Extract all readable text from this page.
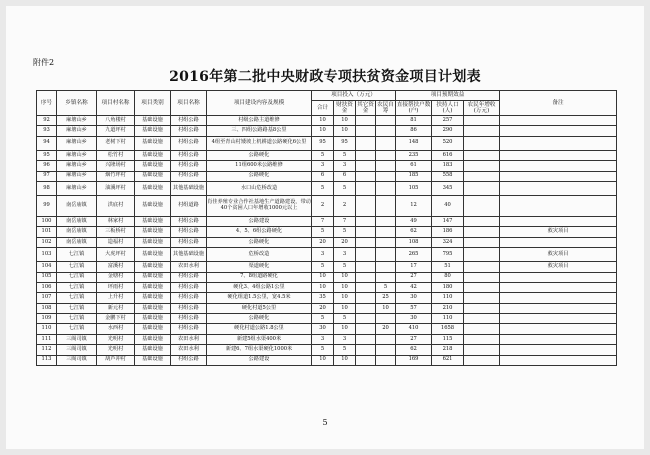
附件2
2016年第二批中央财政专项扶贫资金项目计划表
序号	乡镇名称	项目村名称	项目类别	项目名称	项目建设内容及规模	项目投入（万元）				项目预期效益			备注
						合计	财扶资金	其它资金	农民自筹	直接帮扶户数(户)	扶持人口(人)	农民年增收(万元)	
92	麻塘山乡	八角楼村	基础设施	村组公路	村级公路主道维修	10	10			81	257		
93	麻塘山乡	九道坪村	基础设施	村组公路	三、四组公路路基8公里	10	10			86	290		
94	麻塘山乡	老树下村	基础设施	村组公路	4组至青山村矮坡上机耕道公路硬化6公里	95	95			148	520		
95	麻塘山乡	松竹村	基础设施	村组公路	公路硬化	5	5			235	616		
96	麻塘山乡	兴隆场村	基础设施	村组公路	11组600米公路维修	3	3			61	183		
97	麻塘山乡	烟竹坪村	基础设施	村组公路	公路硬化	6	6			185	558		
98	麻塘山乡	油溪坪村	基础设施	其他基础设施	水口山危桥改造	5	5			105	345		
99	南岳庙镇	洪底村	基础设施	村组道路	肖佳养殖专业合作社基地生产道路建设，带动40个贫困人口年增收1000元以上	2	2			12	40		
100	南岳庙镇	林家村	基础设施	村组公路	公路建设	7	7			49	147		
101	南岳庙镇	三板桥村	基础设施	村组公路	4、5、6组公路硬化	5	5			62	186		救灾项目
102	南岳庙镇	造福村	基础设施	村组公路	公路硬化	20	20			108	324		
103	七江镇	大虎坪村	基础设施	其他基础设施	危桥改造	3	3			265	795		救灾项目
104	七江镇	富溪村	基础设施	农田水利	渠道硬化	5	5			17	51		救灾项目
105	七江镇	金塘村	基础设施	村组公路	7、8组道路硬化	10	10			27	80		
106	七江镇	坪雨村	基础设施	村组公路	硬化3、4组公路1公里	10	10		5	42	180		
107	七江镇	上升村	基础设施	村组公路	硬化组道1.5公里，宽4.5米	35	10		25	30	110		
108	七江镇	新元村	基础设施	村组公路	硬化村道5公里	20	10		10	57	210		
109	七江镇	金鹏下村	基础设施	村组公路	公路硬化	5	5			30	110		
110	七江镇	水西村	基础设施	村组公路	硬化村道公路1.8公里	30	10		20	410	1658		
111	三阁司镇	光明村	基础设施	农田水利	新建5组水渠400米	3	3			27	115		
112	三阁司镇	光明村	基础设施	农田水利	新建6、7组水渠硬化1000米	5	5			62	218		
113	三阁司镇	葫芦冲村	基础设施	村组公路	公路建设	10	10			169	621		
5
